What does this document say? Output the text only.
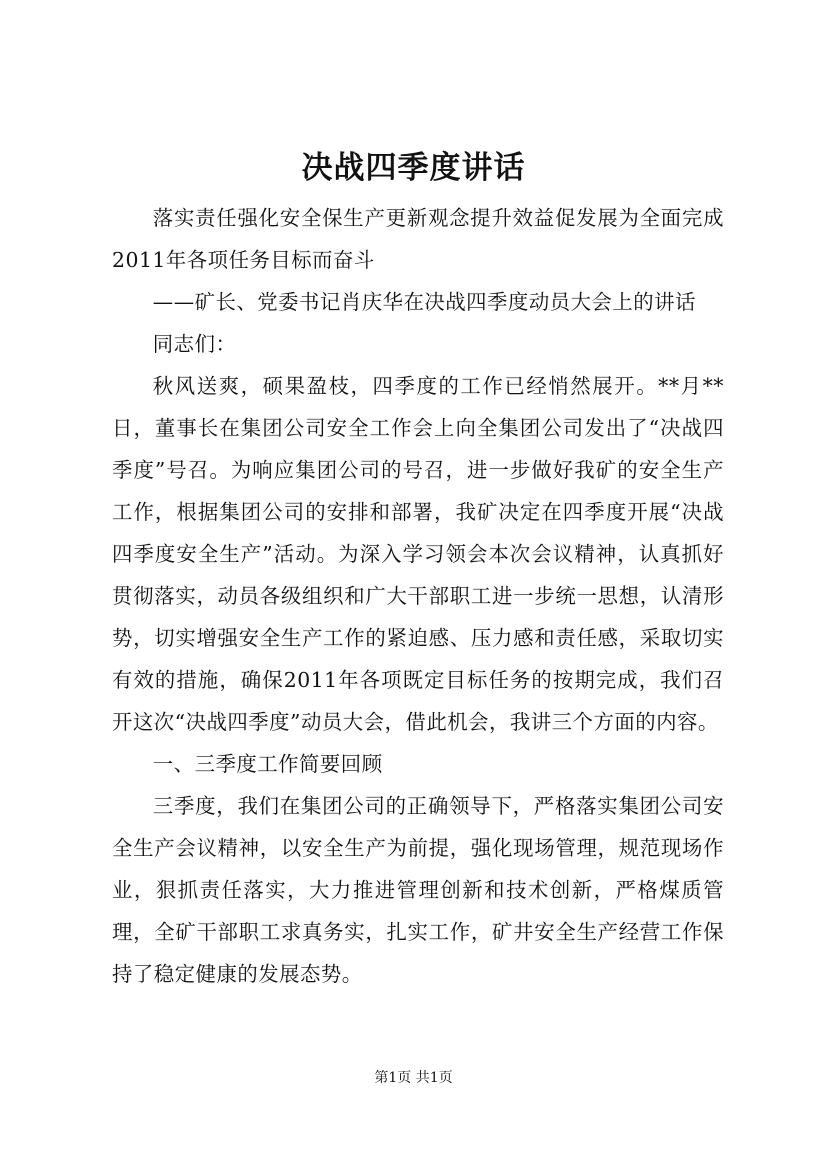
决战四季度讲话

落实责任强化安全保生产更新观念提升效益促发展为全面完成2011年各项任务目标而奋斗

——矿长、党委书记肖庆华在决战四季度动员大会上的讲话

同志们：

秋风送爽，硕果盈枝，四季度的工作已经悄然展开。**月**日，董事长在集团公司安全工作会上向全集团公司发出了“决战四季度”号召。为响应集团公司的号召，进一步做好我矿的安全生产工作，根据集团公司的安排和部署，我矿决定在四季度开展“决战四季度安全生产”活动。为深入学习领会本次会议精神，认真抓好贯彻落实，动员各级组织和广大干部职工进一步统一思想，认清形势，切实增强安全生产工作的紧迫感、压力感和责任感，采取切实有效的措施，确保2011年各项既定目标任务的按期完成，我们召开这次“决战四季度”动员大会，借此机会，我讲三个方面的内容。

一、三季度工作简要回顾

三季度，我们在集团公司的正确领导下，严格落实集团公司安全生产会议精神，以安全生产为前提，强化现场管理，规范现场作业，狠抓责任落实，大力推进管理创新和技术创新，严格煤质管理，全矿干部职工求真务实，扎实工作，矿井安全生产经营工作保持了稳定健康的发展态势。

第1页 共1页
